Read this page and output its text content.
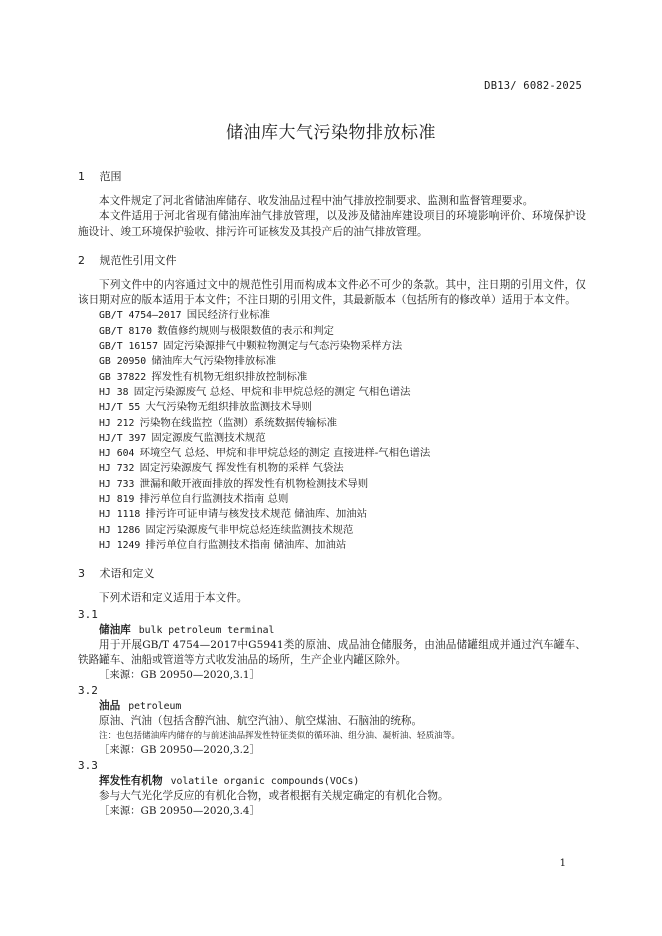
DB13/ 6082-2025
储油库大气污染物排放标准
1 范围

本文件规定了河北省储油库储存、收发油品过程中油气排放控制要求、监测和监督管理要求。

本文件适用于河北省现有储油库油气排放管理，以及涉及储油库建设项目的环境影响评价、环境保护设施设计、竣工环境保护验收、排污许可证核发及其投产后的油气排放管理。

2 规范性引用文件

下列文件中的内容通过文中的规范性引用而构成本文件必不可少的条款。其中，注日期的引用文件，仅该日期对应的版本适用于本文件；不注日期的引用文件，其最新版本（包括所有的修改单）适用于本文件。

GB/T 4754—2017  国民经济行业标准
GB/T 8170  数值修约规则与极限数值的表示和判定
GB/T 16157  固定污染源排气中颗粒物测定与气态污染物采样方法
GB 20950  储油库大气污染物排放标准
GB 37822  挥发性有机物无组织排放控制标准
HJ 38  固定污染源废气 总烃、甲烷和非甲烷总烃的测定 气相色谱法
HJ/T 55  大气污染物无组织排放监测技术导则
HJ 212  污染物在线监控（监测）系统数据传输标准
HJ/T 397  固定源废气监测技术规范
HJ 604  环境空气 总烃、甲烷和非甲烷总烃的测定 直接进样-气相色谱法
HJ 732  固定污染源废气 挥发性有机物的采样 气袋法
HJ 733  泄漏和敞开液面排放的挥发性有机物检测技术导则
HJ 819  排污单位自行监测技术指南 总则
HJ 1118  排污许可证申请与核发技术规范 储油库、加油站
HJ 1286  固定污染源废气非甲烷总烃连续监测技术规范
HJ 1249  排污单位自行监测技术指南 储油库、加油站
3 术语和定义

下列术语和定义适用于本文件。

3.1

储油库 bulk petroleum terminal

用于开展GB/T 4754—2017中G5941类的原油、成品油仓储服务，由油品储罐组成并通过汽车罐车、铁路罐车、油船或管道等方式收发油品的场所，生产企业内罐区除外。

［来源：GB 20950—2020,3.1］

3.2

油品 petroleum

原油、汽油（包括含醇汽油、航空汽油）、航空煤油、石脑油的统称。

注：也包括储油库内储存的与前述油品挥发性特征类似的循环油、组分油、凝析油、轻质油等。

［来源：GB 20950—2020,3.2］

3.3

挥发性有机物 volatile organic compounds(VOCs)

参与大气光化学反应的有机化合物，或者根据有关规定确定的有机化合物。

［来源：GB 20950—2020,3.4］

1
